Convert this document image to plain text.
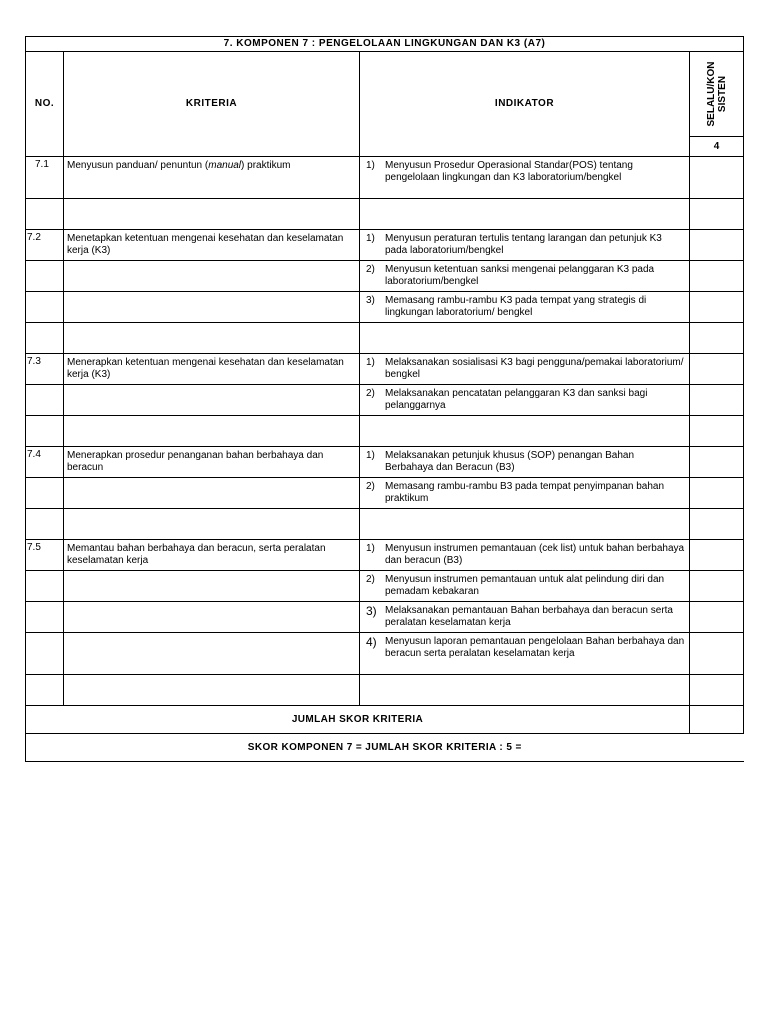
7. KOMPONEN 7 : PENGELOLAAN LINGKUNGAN DAN K3 (A7)			
NO.	KRITERIA	INDIKATOR	SELALU/KON
SISTEN

			4
7.1	Menyusun panduan/ penuntun (manual) praktikum	1) Menyusun Prosedur Operasional Standar(POS) tentang pengelolaan lingkungan dan K3 laboratorium/bengkel	

7.2	Menetapkan ketentuan mengenai kesehatan dan keselamatan kerja (K3)	1) Menyusun peraturan tertulis tentang larangan dan petunjuk K3 pada laboratorium/bengkel	

		2) Menyusun ketentuan sanksi mengenai pelanggaran K3 pada laboratorium/bengkel	

		3) Memasang rambu-rambu K3 pada tempat yang strategis di lingkungan laboratorium/ bengkel	

7.3	Menerapkan ketentuan mengenai kesehatan dan keselamatan kerja (K3)	1) Melaksanakan sosialisasi K3 bagi pengguna/pemakai laboratorium/ bengkel	

		2) Melaksanakan pencatatan pelanggaran K3 dan sanksi bagi pelanggarnya	

7.4	Menerapkan prosedur penanganan bahan berbahaya dan beracun	1) Melaksanakan petunjuk khusus (SOP) penangan Bahan Berbahaya dan Beracun (B3)	

		2) Memasang rambu-rambu B3 pada tempat penyimpanan bahan praktikum	

7.5	Memantau bahan berbahaya dan beracun, serta peralatan keselamatan kerja	1) Menyusun instrumen pemantauan (cek list) untuk bahan berbahaya dan beracun (B3)	

		2) Menyusun instrumen pemantauan untuk alat pelindung diri dan pemadam kebakaran	

		3) Melaksanakan pemantauan Bahan berbahaya dan beracun serta peralatan keselamatan kerja	

		4) Menyusun laporan pemantauan pengelolaan Bahan berbahaya dan beracun serta peralatan keselamatan kerja	

JUMLAH SKOR KRITERIA			
SKOR KOMPONEN 7 = JUMLAH SKOR KRITERIA : 5 =			
